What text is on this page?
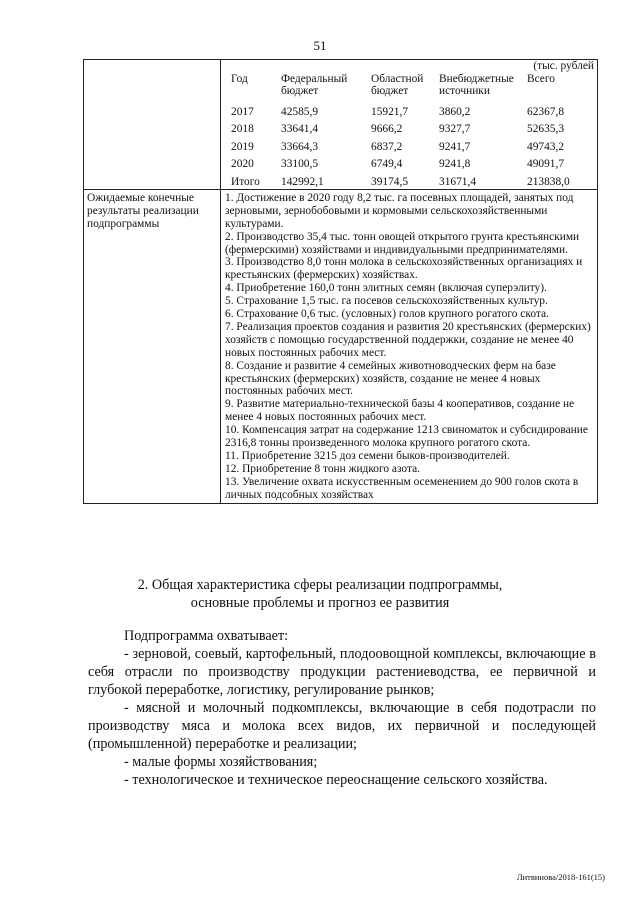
51

(тыс. рублей
Год	Федеральный бюджет	Областной бюджет	Внебюджетные источники	Всего
2017	42585,9	15921,7	3860,2	62367,8
2018	33641,4	9666,2	9327,7	52635,3
2019	33664,3	6837,2	9241,7	49743,2
2020	33100,5	6749,4	9241,8	49091,7
Итого	142992,1	39174,5	31671,4	213838,0

Ожидаемые конечные результаты реализации подпрограммы

1. Достижение в 2020 году 8,2 тыс. га посевных площадей, занятых под зерновыми, зернобобовыми и кормовыми сельскохозяйственными культурами.
2. Производство 35,4 тыс. тонн овощей открытого грунта крестьянскими (фермерскими) хозяйствами и индивидуальными предпринимателями.
3. Производство 8,0 тонн молока в сельскохозяйственных организациях и крестьянских (фермерских) хозяйствах.
4. Приобретение 160,0 тонн элитных семян (включая суперэлиту).
5. Страхование 1,5 тыс. га посевов сельскохозяйственных культур.
6. Страхование 0,6 тыс. (условных) голов крупного рогатого скота.
7. Реализация проектов создания и развития 20 крестьянских (фермерских) хозяйств с помощью государственной поддержки, создание не менее 40 новых постоянных рабочих мест.
8. Создание и развитие 4 семейных животноводческих ферм на базе крестьянских (фермерских) хозяйств, создание не менее 4 новых постоянных рабочих мест.
9. Развитие материально-технической базы 4 кооперативов, создание не менее 4 новых постоянных рабочих мест.
10. Компенсация затрат на содержание 1213 свиноматок и субсидирование 2316,8 тонны произведенного молока крупного рогатого скота.
11. Приобретение 3215 доз семени быков-производителей.
12. Приобретение 8 тонн жидкого азота.
13. Увеличение охвата искусственным осеменением до 900 голов скота в личных подсобных хозяйствах
2. Общая характеристика сферы реализации подпрограммы,
основные проблемы и прогноз ее развития

Подпрограмма охватывает:

- зерновой, соевый, картофельный, плодоовощной комплексы, включающие в себя отрасли по производству продукции растениеводства, ее первичной и глубокой переработке, логистику, регулирование рынков;

- мясной и молочный подкомплексы, включающие в себя подотрасли по производству мяса и молока всех видов, их первичной и последующей (промышленной) переработке и реализации;

- малые формы хозяйствования;

- технологическое и техническое переоснащение сельского хозяйства.

Литвинова/2018-161(15)
